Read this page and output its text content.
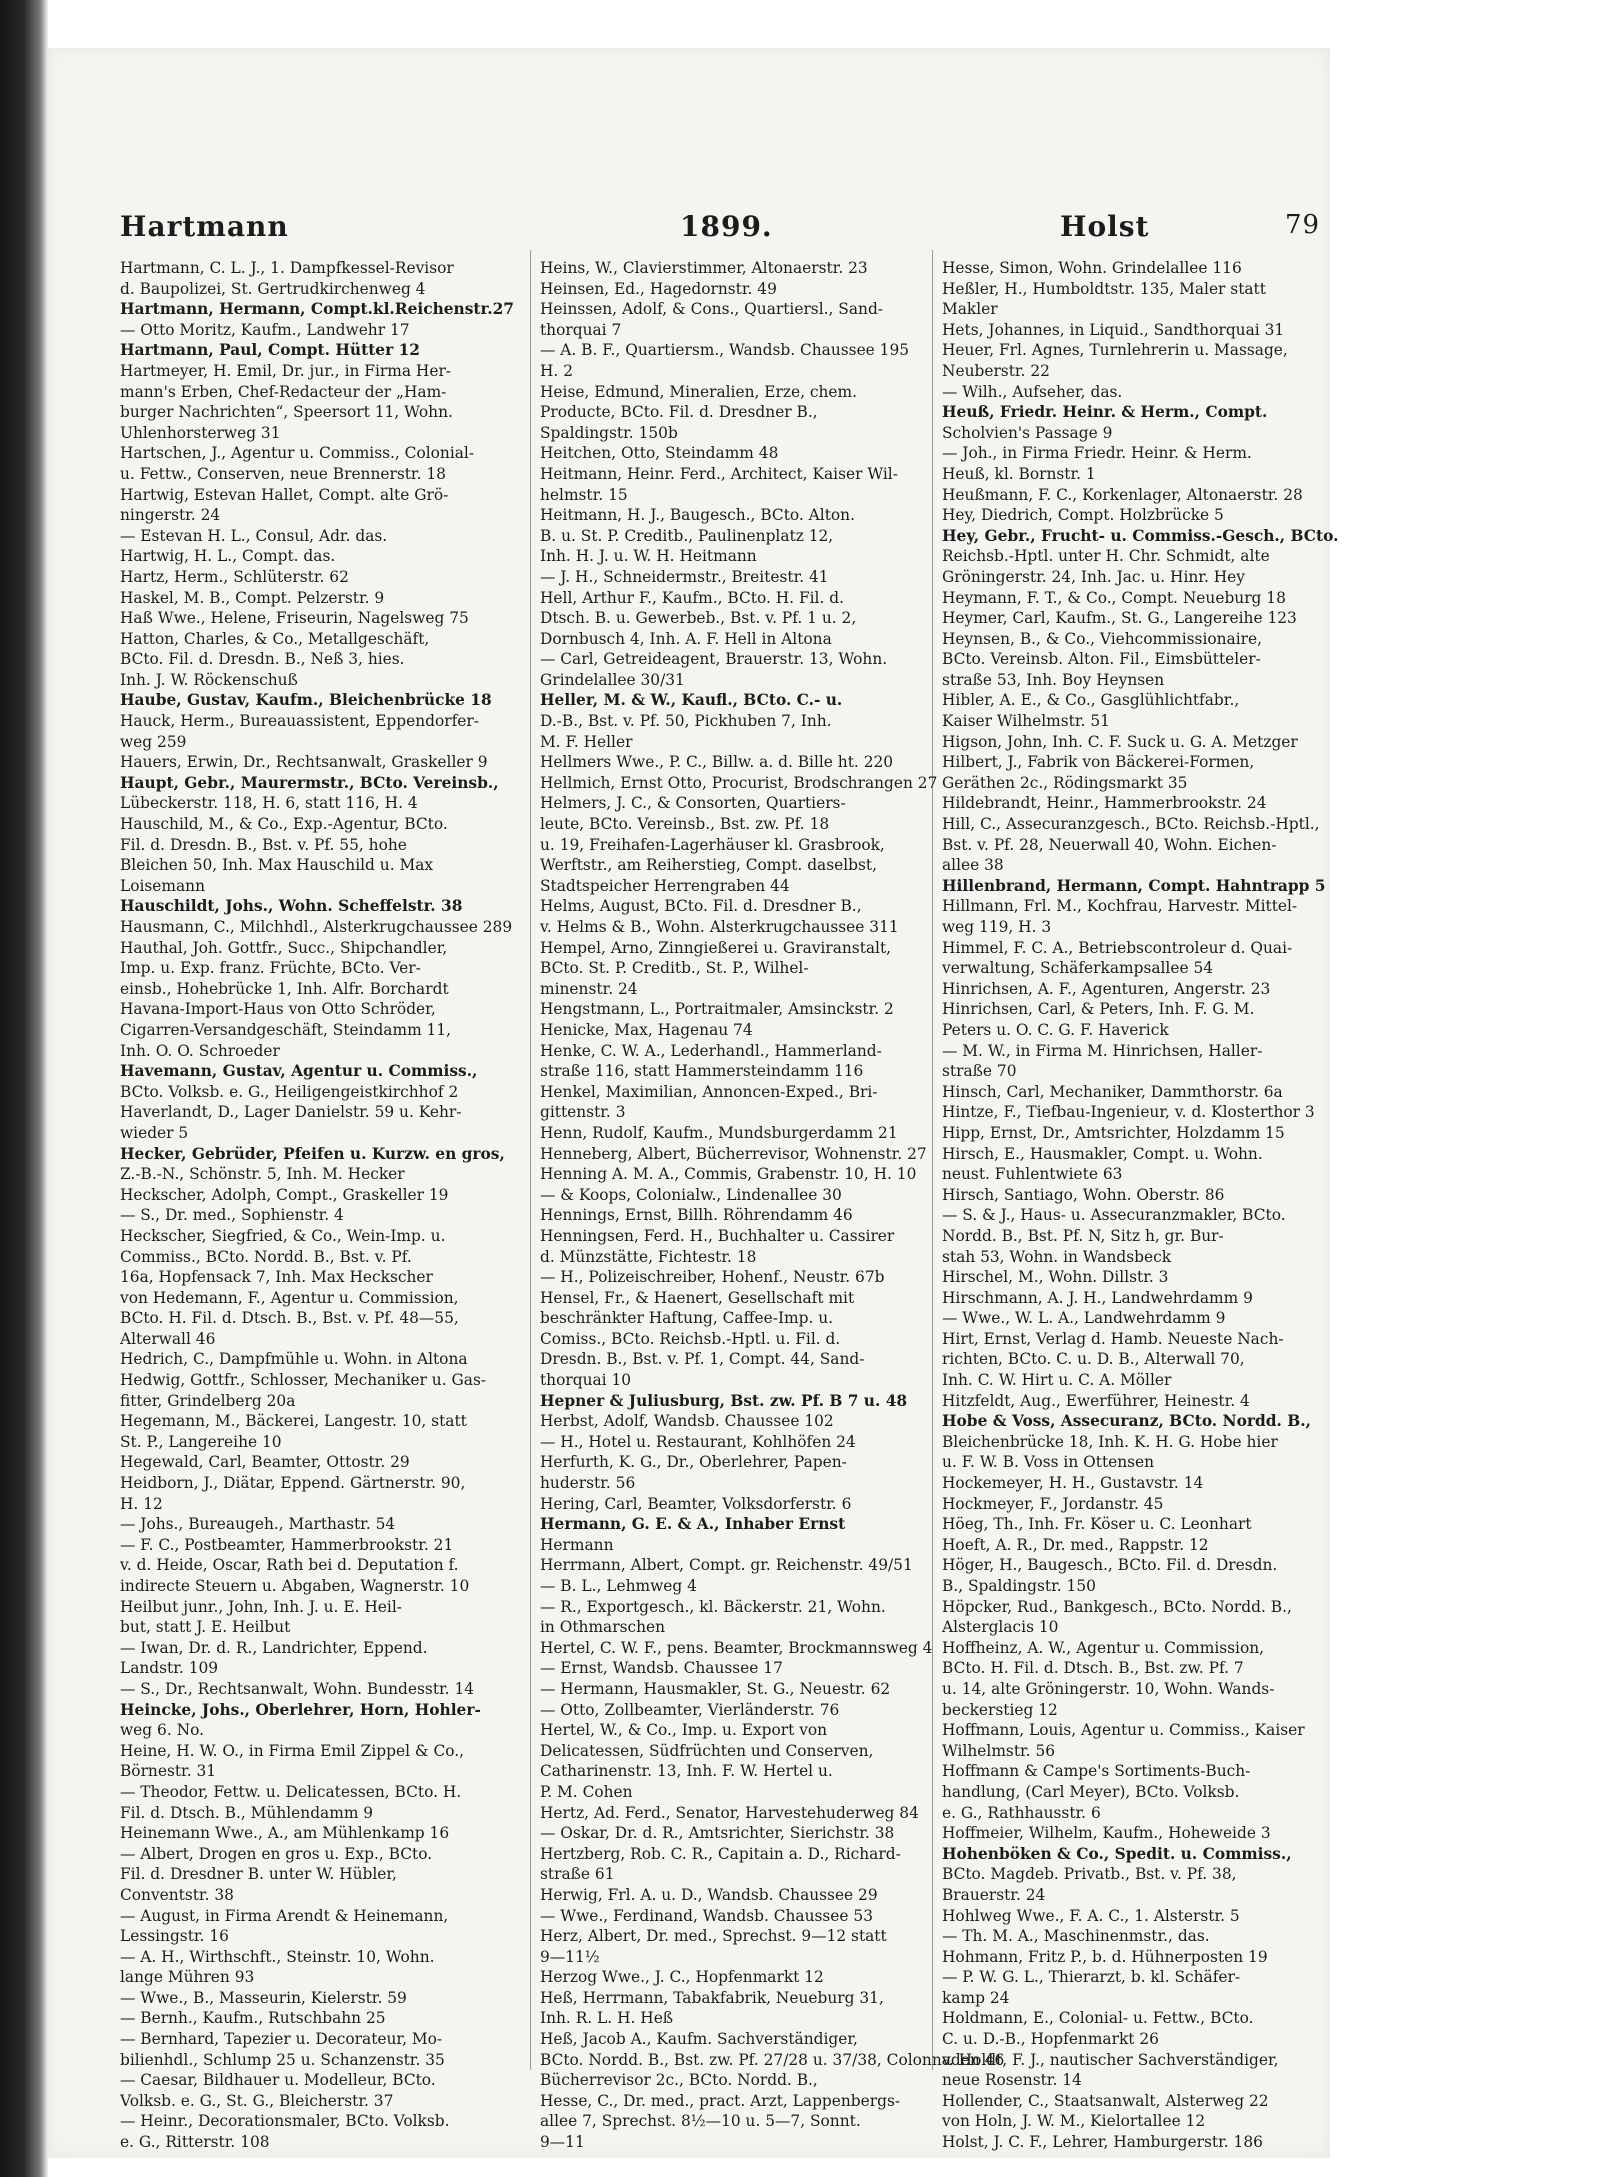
Hartmann	1899.	Holst	79
Hartmann, C. L. J., 1. Dampfkessel-Revisor
d. Baupolizei, St. Gertrudkirchenweg 4
Hartmann, Hermann, Compt.kl.Reichenstr.27
— Otto Moritz, Kaufm., Landwehr 17
Hartmann, Paul, Compt. Hütter 12
Hartmeyer, H. Emil, Dr. jur., in Firma Her-
mann's Erben, Chef-Redacteur der „Ham-
burger Nachrichten“, Speersort 11, Wohn.
Uhlenhorsterweg 31
Hartschen, J., Agentur u. Commiss., Colonial-
u. Fettw., Conserven, neue Brennerstr. 18
Hartwig, Estevan Hallet, Compt. alte Grö-
ningerstr. 24
— Estevan H. L., Consul, Adr. das.
Hartwig, H. L., Compt. das.
Hartz, Herm., Schlüterstr. 62
Haskel, M. B., Compt. Pelzerstr. 9
Haß Wwe., Helene, Friseurin, Nagelsweg 75
Hatton, Charles, & Co., Metallgeschäft,
BCto. Fil. d. Dresdn. B., Neß 3, hies.
Inh. J. W. Röckenschuß
Haube, Gustav, Kaufm., Bleichenbrücke 18
Hauck, Herm., Bureauassistent, Eppendorfer-
weg 259
Hauers, Erwin, Dr., Rechtsanwalt, Graskeller 9
Haupt, Gebr., Maurermstr., BCto. Vereinsb.,
Lübeckerstr. 118, H. 6, statt 116, H. 4
Hauschild, M., & Co., Exp.-Agentur, BCto.
Fil. d. Dresdn. B., Bst. v. Pf. 55, hohe
Bleichen 50, Inh. Max Hauschild u. Max
Loisemann
Hauschildt, Johs., Wohn. Scheffelstr. 38
Hausmann, C., Milchhdl., Alsterkrugchaussee 289
Hauthal, Joh. Gottfr., Succ., Shipchandler,
Imp. u. Exp. franz. Früchte, BCto. Ver-
einsb., Hohebrücke 1, Inh. Alfr. Borchardt
Havana-Import-Haus von Otto Schröder,
Cigarren-Versandgeschäft, Steindamm 11,
Inh. O. O. Schroeder
Havemann, Gustav, Agentur u. Commiss.,
BCto. Volksb. e. G., Heiligengeistkirchhof 2
Haverlandt, D., Lager Danielstr. 59 u. Kehr-
wieder 5
Hecker, Gebrüder, Pfeifen u. Kurzw. en gros,
Z.-B.-N., Schönstr. 5, Inh. M. Hecker
Heckscher, Adolph, Compt., Graskeller 19
— S., Dr. med., Sophienstr. 4
Heckscher, Siegfried, & Co., Wein-Imp. u.
Commiss., BCto. Nordd. B., Bst. v. Pf.
16a, Hopfensack 7, Inh. Max Heckscher
von Hedemann, F., Agentur u. Commission,
BCto. H. Fil. d. Dtsch. B., Bst. v. Pf. 48—55,
Alterwall 46
Hedrich, C., Dampfmühle u. Wohn. in Altona
Hedwig, Gottfr., Schlosser, Mechaniker u. Gas-
fitter, Grindelberg 20a
Hegemann, M., Bäckerei, Langestr. 10, statt
St. P., Langereihe 10
Hegewald, Carl, Beamter, Ottostr. 29
Heidborn, J., Diätar, Eppend. Gärtnerstr. 90,
H. 12
— Johs., Bureaugeh., Marthastr. 54
— F. C., Postbeamter, Hammerbrookstr. 21
v. d. Heide, Oscar, Rath bei d. Deputation f.
indirecte Steuern u. Abgaben, Wagnerstr. 10
Heilbut junr., John, Inh. J. u. E. Heil-
but, statt J. E. Heilbut
— Iwan, Dr. d. R., Landrichter, Eppend.
Landstr. 109
— S., Dr., Rechtsanwalt, Wohn. Bundesstr. 14
Heincke, Johs., Oberlehrer, Horn, Hohler-
weg 6. No.
Heine, H. W. O., in Firma Emil Zippel & Co.,
Börnestr. 31
— Theodor, Fettw. u. Delicatessen, BCto. H.
Fil. d. Dtsch. B., Mühlendamm 9
Heinemann Wwe., A., am Mühlenkamp 16
— Albert, Drogen en gros u. Exp., BCto.
Fil. d. Dresdner B. unter W. Hübler,
Conventstr. 38
— August, in Firma Arendt & Heinemann,
Lessingstr. 16
— A. H., Wirthschft., Steinstr. 10, Wohn.
lange Mühren 93
— Wwe., B., Masseurin, Kielerstr. 59
— Bernh., Kaufm., Rutschbahn 25
— Bernhard, Tapezier u. Decorateur, Mo-
bilienhdl., Schlump 25 u. Schanzenstr. 35
— Caesar, Bildhauer u. Modelleur, BCto.
Volksb. e. G., St. G., Bleicherstr. 37
— Heinr., Decorationsmaler, BCto. Volksb.
e. G., Ritterstr. 108
Heins, W., Clavierstimmer, Altonaerstr. 23
Heinsen, Ed., Hagedornstr. 49
Heinssen, Adolf, & Cons., Quartiersl., Sand-
thorquai 7
— A. B. F., Quartiersm., Wandsb. Chaussee 195
H. 2
Heise, Edmund, Mineralien, Erze, chem.
Producte, BCto. Fil. d. Dresdner B.,
Spaldingstr. 150b
Heitchen, Otto, Steindamm 48
Heitmann, Heinr. Ferd., Architect, Kaiser Wil-
helmstr. 15
Heitmann, H. J., Baugesch., BCto. Alton.
B. u. St. P. Creditb., Paulinenplatz 12,
Inh. H. J. u. W. H. Heitmann
— J. H., Schneidermstr., Breitestr. 41
Hell, Arthur F., Kaufm., BCto. H. Fil. d.
Dtsch. B. u. Gewerbeb., Bst. v. Pf. 1 u. 2,
Dornbusch 4, Inh. A. F. Hell in Altona
— Carl, Getreideagent, Brauerstr. 13, Wohn.
Grindelallee 30/31
Heller, M. & W., Kaufl., BCto. C.- u.
D.-B., Bst. v. Pf. 50, Pickhuben 7, Inh.
M. F. Heller
Hellmers Wwe., P. C., Billw. a. d. Bille ht. 220
Hellmich, Ernst Otto, Procurist, Brodschrangen 27
Helmers, J. C., & Consorten, Quartiers-
leute, BCto. Vereinsb., Bst. zw. Pf. 18
u. 19, Freihafen-Lagerhäuser kl. Grasbrook,
Werftstr., am Reiherstieg, Compt. daselbst,
Stadtspeicher Herrengraben 44
Helms, August, BCto. Fil. d. Dresdner B.,
v. Helms & B., Wohn. Alsterkrugchaussee 311
Hempel, Arno, Zinngießerei u. Graviranstalt,
BCto. St. P. Creditb., St. P., Wilhel-
minenstr. 24
Hengstmann, L., Portraitmaler, Amsinckstr. 2
Henicke, Max, Hagenau 74
Henke, C. W. A., Lederhandl., Hammerland-
straße 116, statt Hammersteindamm 116
Henkel, Maximilian, Annoncen-Exped., Bri-
gittenstr. 3
Henn, Rudolf, Kaufm., Mundsburgerdamm 21
Henneberg, Albert, Bücherrevisor, Wohnenstr. 27
Henning A. M. A., Commis, Grabenstr. 10, H. 10
— & Koops, Colonialw., Lindenallee 30
Hennings, Ernst, Billh. Röhrendamm 46
Henningsen, Ferd. H., Buchhalter u. Cassirer
d. Münzstätte, Fichtestr. 18
— H., Polizeischreiber, Hohenf., Neustr. 67b
Hensel, Fr., & Haenert, Gesellschaft mit
beschränkter Haftung, Caffee-Imp. u.
Comiss., BCto. Reichsb.-Hptl. u. Fil. d.
Dresdn. B., Bst. v. Pf. 1, Compt. 44, Sand-
thorquai 10
Hepner & Juliusburg, Bst. zw. Pf. B 7 u. 48
Herbst, Adolf, Wandsb. Chaussee 102
— H., Hotel u. Restaurant, Kohlhöfen 24
Herfurth, K. G., Dr., Oberlehrer, Papen-
huderstr. 56
Hering, Carl, Beamter, Volksdorferstr. 6
Hermann, G. E. & A., Inhaber Ernst
Hermann
Herrmann, Albert, Compt. gr. Reichenstr. 49/51
— B. L., Lehmweg 4
— R., Exportgesch., kl. Bäckerstr. 21, Wohn.
in Othmarschen
Hertel, C. W. F., pens. Beamter, Brockmannsweg 4
— Ernst, Wandsb. Chaussee 17
— Hermann, Hausmakler, St. G., Neuestr. 62
— Otto, Zollbeamter, Vierländerstr. 76
Hertel, W., & Co., Imp. u. Export von
Delicatessen, Südfrüchten und Conserven,
Catharinenstr. 13, Inh. F. W. Hertel u.
P. M. Cohen
Hertz, Ad. Ferd., Senator, Harvestehuderweg 84
— Oskar, Dr. d. R., Amtsrichter, Sierichstr. 38
Hertzberg, Rob. C. R., Capitain a. D., Richard-
straße 61
Herwig, Frl. A. u. D., Wandsb. Chaussee 29
— Wwe., Ferdinand, Wandsb. Chaussee 53
Herz, Albert, Dr. med., Sprechst. 9—12 statt
9—11½
Herzog Wwe., J. C., Hopfenmarkt 12
Heß, Herrmann, Tabakfabrik, Neueburg 31,
Inh. R. L. H. Heß
Heß, Jacob A., Kaufm. Sachverständiger,
BCto. Nordd. B., Bst. zw. Pf. 27/28 u. 37/38, Colonnaden 46
Bücherrevisor 2c., BCto. Nordd. B.,
Hesse, C., Dr. med., pract. Arzt, Lappenbergs-
allee 7, Sprechst. 8½—10 u. 5—7, Sonnt.
9—11
Hesse, Simon, Wohn. Grindelallee 116
Heßler, H., Humboldtstr. 135, Maler statt
Makler
Hets, Johannes, in Liquid., Sandthorquai 31
Heuer, Frl. Agnes, Turnlehrerin u. Massage,
Neuberstr. 22
— Wilh., Aufseher, das.
Heuß, Friedr. Heinr. & Herm., Compt.
Scholvien's Passage 9
— Joh., in Firma Friedr. Heinr. & Herm.
Heuß, kl. Bornstr. 1
Heußmann, F. C., Korkenlager, Altonaerstr. 28
Hey, Diedrich, Compt. Holzbrücke 5
Hey, Gebr., Frucht- u. Commiss.-Gesch., BCto.
Reichsb.-Hptl. unter H. Chr. Schmidt, alte
Gröningerstr. 24, Inh. Jac. u. Hinr. Hey
Heymann, F. T., & Co., Compt. Neueburg 18
Heymer, Carl, Kaufm., St. G., Langereihe 123
Heynsen, B., & Co., Viehcommissionaire,
BCto. Vereinsb. Alton. Fil., Eimsbütteler-
straße 53, Inh. Boy Heynsen
Hibler, A. E., & Co., Gasglühlichtfabr.,
Kaiser Wilhelmstr. 51
Higson, John, Inh. C. F. Suck u. G. A. Metzger
Hilbert, J., Fabrik von Bäckerei-Formen,
Geräthen 2c., Rödingsmarkt 35
Hildebrandt, Heinr., Hammerbrookstr. 24
Hill, C., Assecuranzgesch., BCto. Reichsb.-Hptl.,
Bst. v. Pf. 28, Neuerwall 40, Wohn. Eichen-
allee 38
Hillenbrand, Hermann, Compt. Hahntrapp 5
Hillmann, Frl. M., Kochfrau, Harvestr. Mittel-
weg 119, H. 3
Himmel, F. C. A., Betriebscontroleur d. Quai-
verwaltung, Schäferkampsallee 54
Hinrichsen, A. F., Agenturen, Angerstr. 23
Hinrichsen, Carl, & Peters, Inh. F. G. M.
Peters u. O. C. G. F. Haverick
— M. W., in Firma M. Hinrichsen, Haller-
straße 70
Hinsch, Carl, Mechaniker, Dammthorstr. 6a
Hintze, F., Tiefbau-Ingenieur, v. d. Klosterthor 3
Hipp, Ernst, Dr., Amtsrichter, Holzdamm 15
Hirsch, E., Hausmakler, Compt. u. Wohn.
neust. Fuhlentwiete 63
Hirsch, Santiago, Wohn. Oberstr. 86
— S. & J., Haus- u. Assecuranzmakler, BCto.
Nordd. B., Bst. Pf. N, Sitz h, gr. Bur-
stah 53, Wohn. in Wandsbeck
Hirschel, M., Wohn. Dillstr. 3
Hirschmann, A. J. H., Landwehrdamm 9
— Wwe., W. L. A., Landwehrdamm 9
Hirt, Ernst, Verlag d. Hamb. Neueste Nach-
richten, BCto. C. u. D. B., Alterwall 70,
Inh. C. W. Hirt u. C. A. Möller
Hitzfeldt, Aug., Ewerführer, Heinestr. 4
Hobe & Voss, Assecuranz, BCto. Nordd. B.,
Bleichenbrücke 18, Inh. K. H. G. Hobe hier
u. F. W. B. Voss in Ottensen
Hockemeyer, H. H., Gustavstr. 14
Hockmeyer, F., Jordanstr. 45
Höeg, Th., Inh. Fr. Köser u. C. Leonhart
Hoeft, A. R., Dr. med., Rappstr. 12
Höger, H., Baugesch., BCto. Fil. d. Dresdn.
B., Spaldingstr. 150
Höpcker, Rud., Bankgesch., BCto. Nordd. B.,
Alsterglacis 10
Hoffheinz, A. W., Agentur u. Commission,
BCto. H. Fil. d. Dtsch. B., Bst. zw. Pf. 7
u. 14, alte Gröningerstr. 10, Wohn. Wands-
beckerstieg 12
Hoffmann, Louis, Agentur u. Commiss., Kaiser
Wilhelmstr. 56
Hoffmann & Campe's Sortiments-Buch-
handlung, (Carl Meyer), BCto. Volksb.
e. G., Rathhausstr. 6
Hoffmeier, Wilhelm, Kaufm., Hoheweide 3
Hohenböken & Co., Spedit. u. Commiss.,
BCto. Magdeb. Privatb., Bst. v. Pf. 38,
Brauerstr. 24
Hohlweg Wwe., F. A. C., 1. Alsterstr. 5
— Th. M. A., Maschinenmstr., das.
Hohmann, Fritz P., b. d. Hühnerposten 19
— P. W. G. L., Thierarzt, b. kl. Schäfer-
kamp 24
Holdmann, E., Colonial- u. Fettw., BCto.
C. u. D.-B., Hopfenmarkt 26
v. Holdt, F. J., nautischer Sachverständiger,
neue Rosenstr. 14
Hollender, C., Staatsanwalt, Alsterweg 22
von Holn, J. W. M., Kielortallee 12
Holst, J. C. F., Lehrer, Hamburgerstr. 186
